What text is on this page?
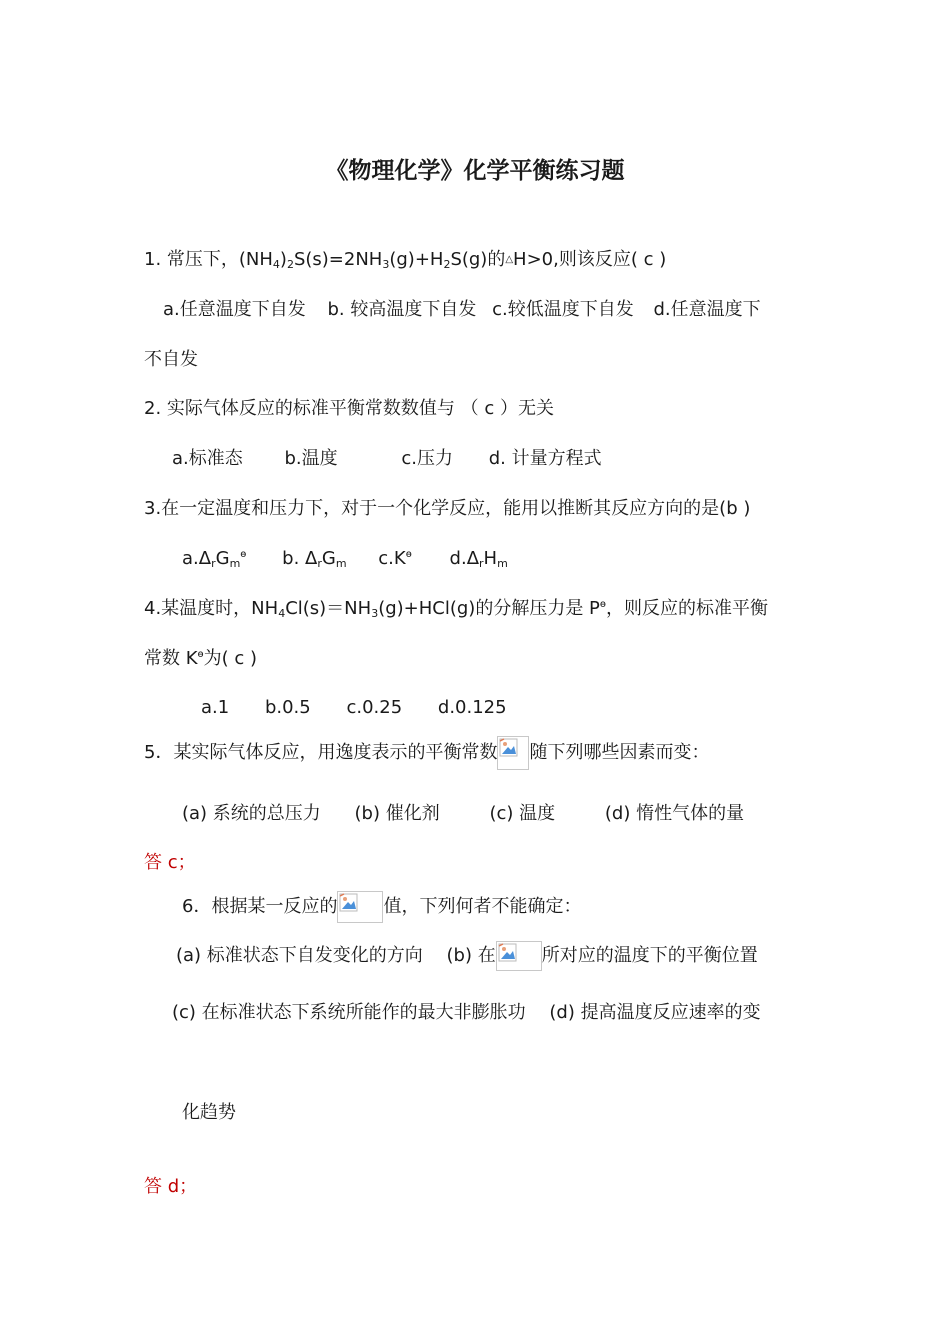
《物理化学》化学平衡练习题
1. 常压下，$(NH_4)_2S(s)=2NH_3(g)+H_2S(g)$的△H>0,则该反应( c )
a.任意温度下自发 b. 较高温度下自发 c.较低温度下自发 d.任意温度下
不自发
2. 实际气体反应的标准平衡常数数值与 （ c ）无关
a.标准态 b.温度	c.压力 d. 计量方程式
3.在一定温度和压力下，对于一个化学反应，能用以推断其反应方向的是(b )
$a.\Delta_rG_m^ө$ b. $\Delta_rG_m$ $c.K^ө$ $d.\Delta_rH_m$
4.某温度时，$NH_4Cl(s)=NH_3(g)+HCl(g)$的分解压力是 $P^ө$，则反应的标准平衡
常数 $K^ө$为( c )
a.1 b.0.5 c.0.25 d.0.125
5．某实际气体反应，用逸度表示的平衡常数 随下列哪些因素而变：
(a) 系统的总压力 (b) 催化剂	(c) 温度	(d) 惰性气体的量
答 c；
6．根据某一反应的	值，下列何者不能确定：
(a) 标准状态下自发变化的方向 (b) 在	所对应的温度下的平衡位置
(c) 在标准状态下系统所能作的最大非膨胀功 (d) 提高温度反应速率的变
化趋势
答 d；
